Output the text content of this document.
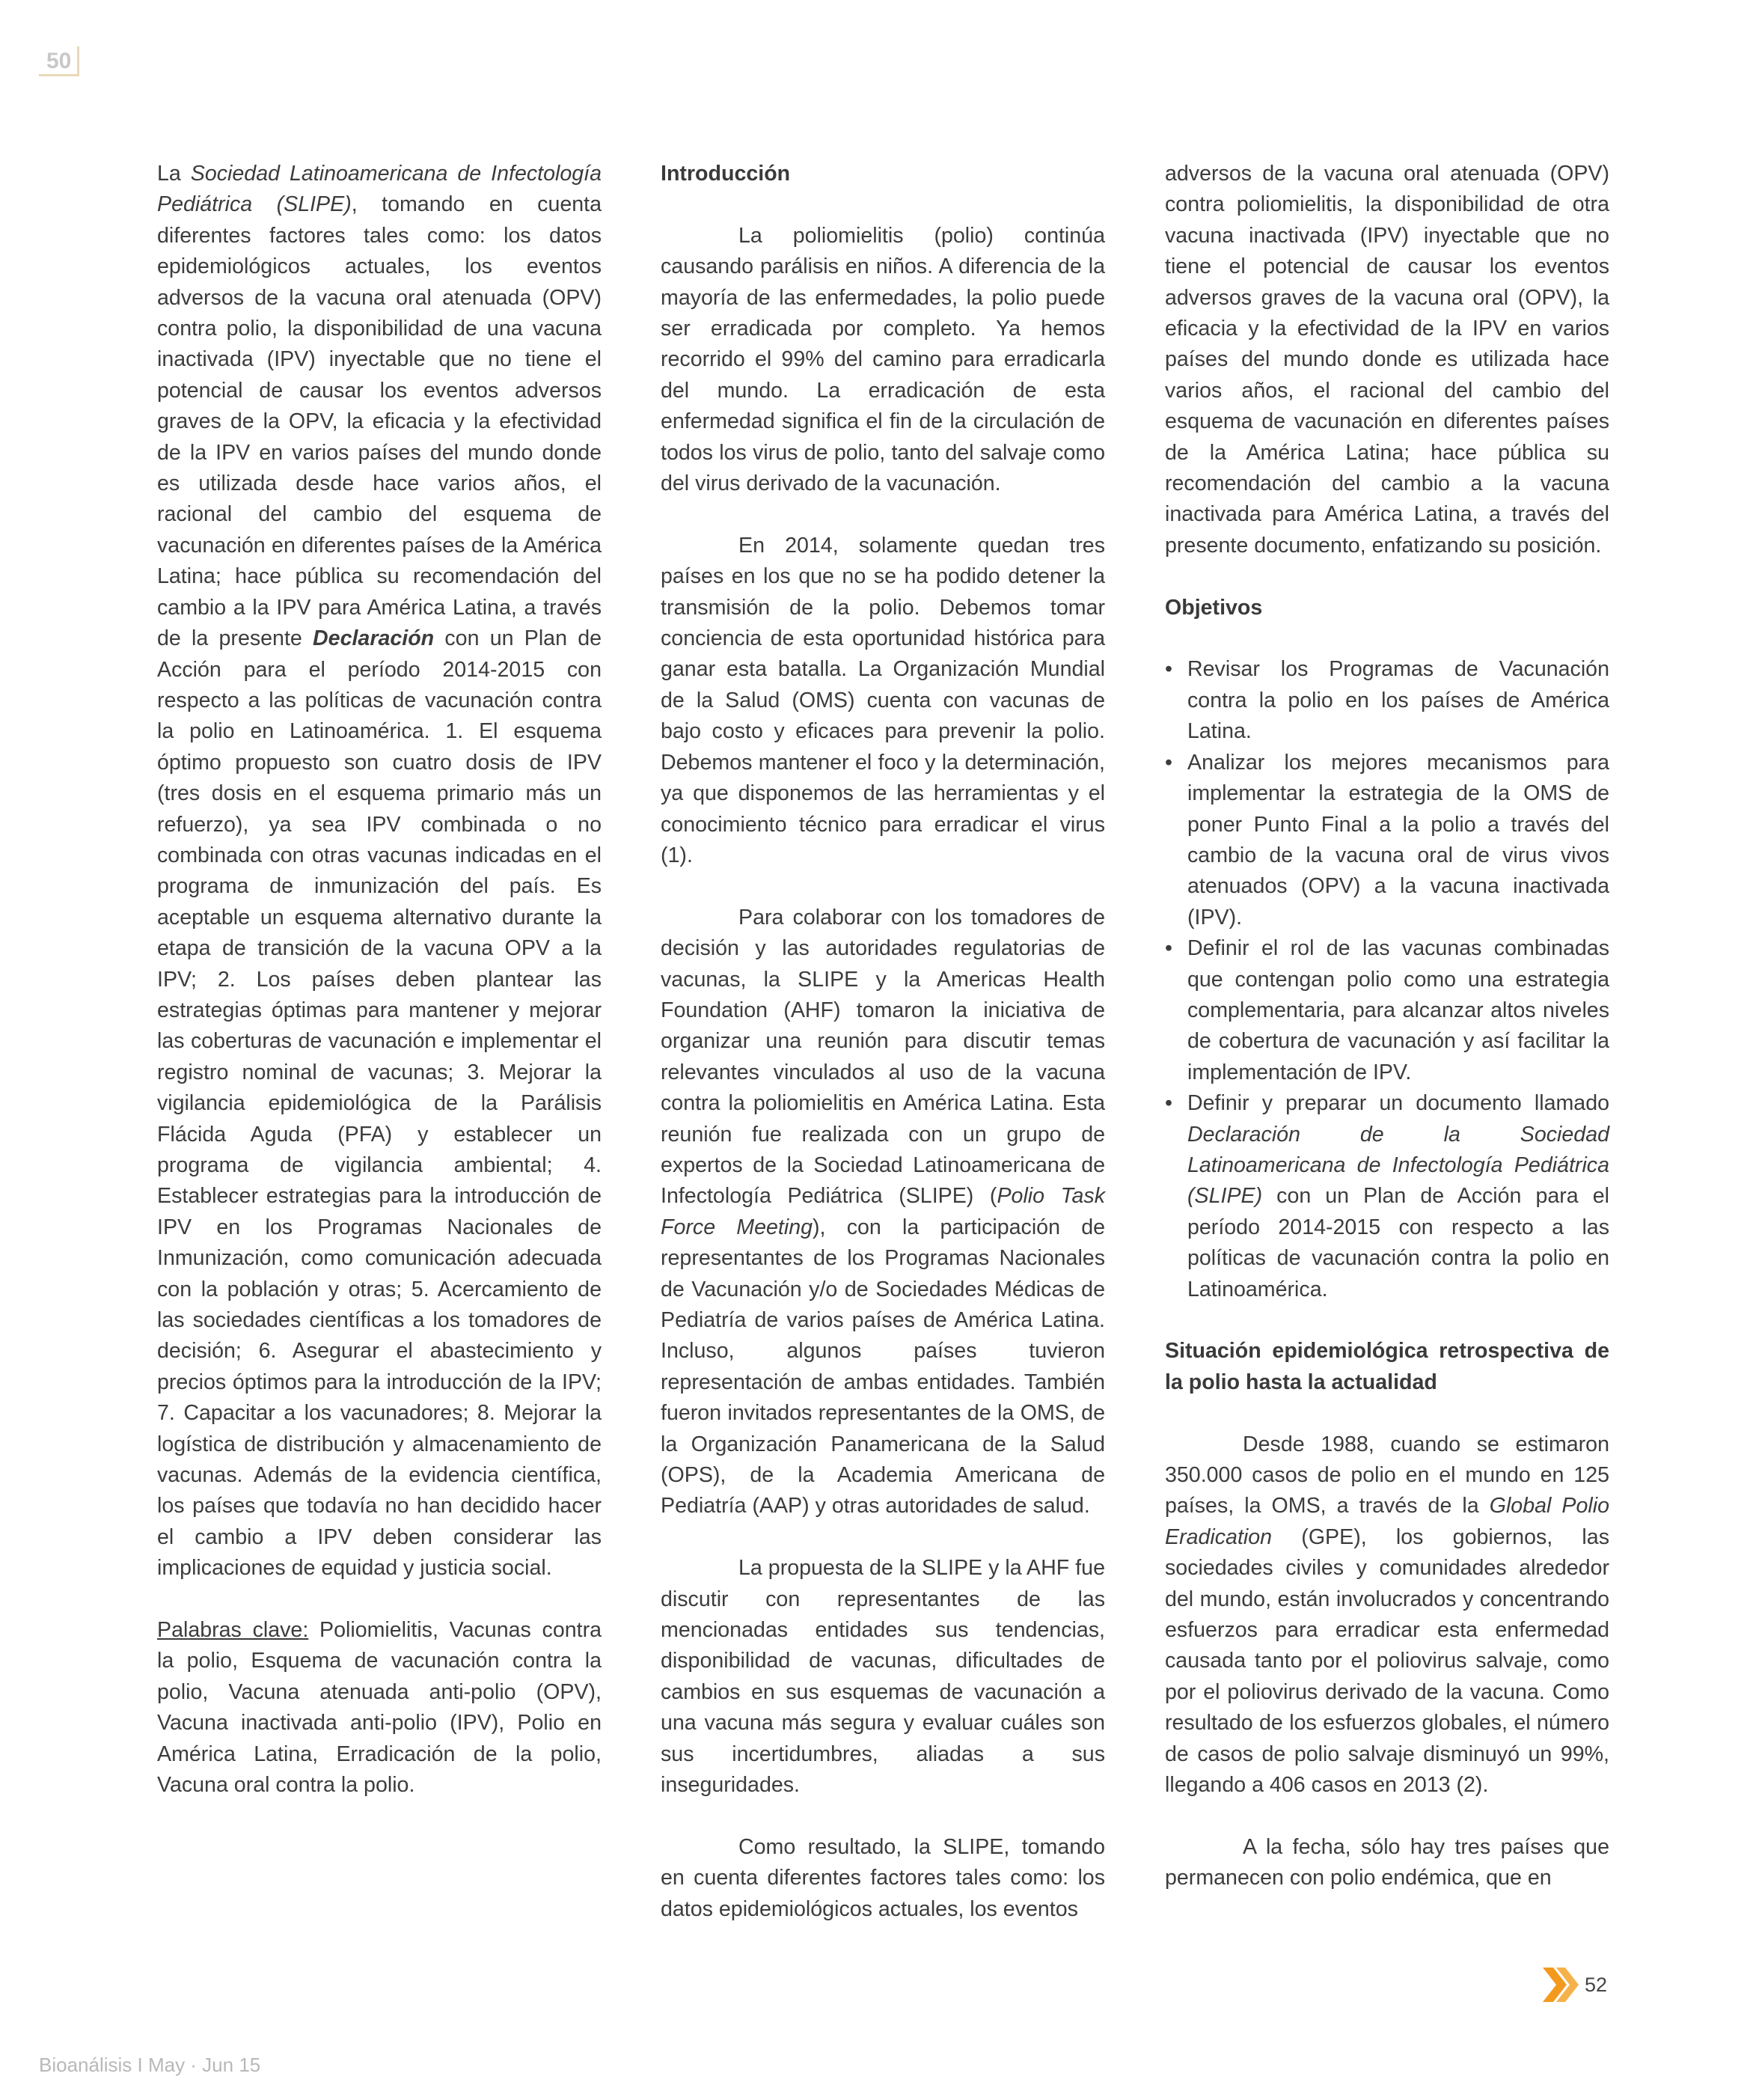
50

La Sociedad Latinoamericana de Infectología Pediátrica (SLIPE), tomando en cuenta diferentes factores tales como: los datos epidemiológicos actuales, los eventos adversos de la vacuna oral atenuada (OPV) contra polio, la disponibilidad de una vacuna inactivada (IPV) inyectable que no tiene el potencial de causar los eventos adversos graves de la OPV, la eficacia y la efectividad de la IPV en varios países del mundo donde es utilizada desde hace varios años, el racional del cambio del esquema de vacunación en diferentes países de la América Latina; hace pública su recomendación del cambio a la IPV para América Latina, a través de la presente Declaración con un Plan de Acción para el período 2014-2015 con respecto a las políticas de vacunación contra la polio en Latinoamérica. 1. El esquema óptimo propuesto son cuatro dosis de IPV (tres dosis en el esquema primario más un refuerzo), ya sea IPV combinada o no combinada con otras vacunas indicadas en el programa de inmunización del país. Es aceptable un esquema alternativo durante la etapa de transición de la vacuna OPV a la IPV; 2. Los países deben plantear las estrategias óptimas para mantener y mejorar las coberturas de vacunación e implementar el registro nominal de vacunas; 3. Mejorar la vigilancia epidemiológica de la Parálisis Flácida Aguda (PFA) y establecer un programa de vigilancia ambiental; 4. Establecer estrategias para la introducción de IPV en los Programas Nacionales de Inmunización, como comunicación adecuada con la población y otras; 5. Acercamiento de las sociedades científicas a los tomadores de decisión; 6. Asegurar el abastecimiento y precios óptimos para la introducción de la IPV; 7. Capacitar a los vacunadores; 8. Mejorar la logística de distribución y almacenamiento de vacunas. Además de la evidencia científica, los países que todavía no han decidido hacer el cambio a IPV deben considerar las implicaciones de equidad y justicia social.

Palabras clave: Poliomielitis, Vacunas contra la polio, Esquema de vacunación contra la polio, Vacuna atenuada anti-polio (OPV), Vacuna inactivada anti-polio (IPV), Polio en América Latina, Erradicación de la polio, Vacuna oral contra la polio.

Introducción

La poliomielitis (polio) continúa causando parálisis en niños. A diferencia de la mayoría de las enfermedades, la polio puede ser erradicada por completo. Ya hemos recorrido el 99% del camino para erradicarla del mundo. La erradicación de esta enfermedad significa el fin de la circulación de todos los virus de polio, tanto del salvaje como del virus derivado de la vacunación.

En 2014, solamente quedan tres países en los que no se ha podido detener la transmisión de la polio. Debemos tomar conciencia de esta oportunidad histórica para ganar esta batalla. La Organización Mundial de la Salud (OMS) cuenta con vacunas de bajo costo y eficaces para prevenir la polio. Debemos mantener el foco y la determinación, ya que disponemos de las herramientas y el conocimiento técnico para erradicar el virus (1).

Para colaborar con los tomadores de decisión y las autoridades regulatorias de vacunas, la SLIPE y la Americas Health Foundation (AHF) tomaron la iniciativa de organizar una reunión para discutir temas relevantes vinculados al uso de la vacuna contra la poliomielitis en América Latina. Esta reunión fue realizada con un grupo de expertos de la Sociedad Latinoamericana de Infectología Pediátrica (SLIPE) (Polio Task Force Meeting), con la participación de representantes de los Programas Nacionales de Vacunación y/o de Sociedades Médicas de Pediatría de varios países de América Latina. Incluso, algunos países tuvieron representación de ambas entidades. También fueron invitados representantes de la OMS, de la Organización Panamericana de la Salud (OPS), de la Academia Americana de Pediatría (AAP) y otras autoridades de salud.

La propuesta de la SLIPE y la AHF fue discutir con representantes de las mencionadas entidades sus tendencias, disponibilidad de vacunas, dificultades de cambios en sus esquemas de vacunación a una vacuna más segura y evaluar cuáles son sus incertidumbres, aliadas a sus inseguridades.

Como resultado, la SLIPE, tomando en cuenta diferentes factores tales como: los datos epidemiológicos actuales, los eventos

adversos de la vacuna oral atenuada (OPV) contra poliomielitis, la disponibilidad de otra vacuna inactivada (IPV) inyectable que no tiene el potencial de causar los eventos adversos graves de la vacuna oral (OPV), la eficacia y la efectividad de la IPV en varios países del mundo donde es utilizada hace varios años, el racional del cambio del esquema de vacunación en diferentes países de la América Latina; hace pública su recomendación del cambio a la vacuna inactivada para América Latina, a través del presente documento, enfatizando su posición.

Objetivos

• Revisar los Programas de Vacunación contra la polio en los países de América Latina.
• Analizar los mejores mecanismos para implementar la estrategia de la OMS de poner Punto Final a la polio a través del cambio de la vacuna oral de virus vivos atenuados (OPV) a la vacuna inactivada (IPV).
• Definir el rol de las vacunas combinadas que contengan polio como una estrategia complementaria, para alcanzar altos niveles de cobertura de vacunación y así facilitar la implementación de IPV.
• Definir y preparar un documento llamado Declaración de la Sociedad Latinoamericana de Infectología Pediátrica (SLIPE) con un Plan de Acción para el período 2014-2015 con respecto a las políticas de vacunación contra la polio en Latinoamérica.

Situación epidemiológica retrospectiva de la polio hasta la actualidad

Desde 1988, cuando se estimaron 350.000 casos de polio en el mundo en 125 países, la OMS, a través de la Global Polio Eradication (GPE), los gobiernos, las sociedades civiles y comunidades alrededor del mundo, están involucrados y concentrando esfuerzos para erradicar esta enfermedad causada tanto por el poliovirus salvaje, como por el poliovirus derivado de la vacuna. Como resultado de los esfuerzos globales, el número de casos de polio salvaje disminuyó un 99%, llegando a 406 casos en 2013 (2).

A la fecha, sólo hay tres países que permanecen con polio endémica, que en

52
Bioanálisis I May · Jun 15
